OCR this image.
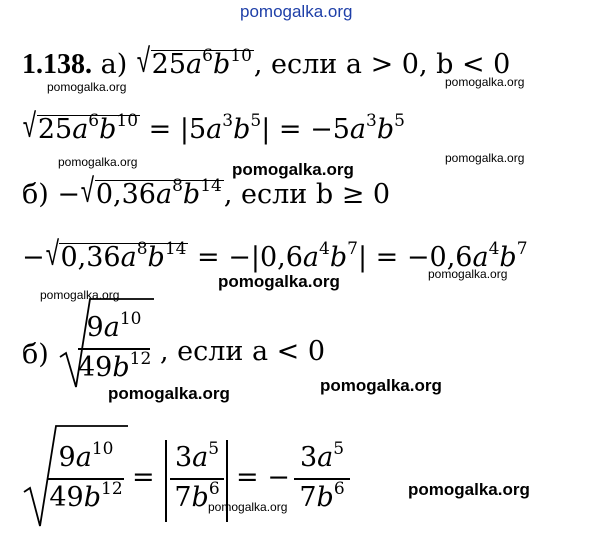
pomogalka.org
1.138. а) $√25a^6b^{10}$, если a > 0, b < 0
pomogalka.org	pomogalka.org
$√25a^6b^{10} = |5a^3b^5| = -5a^3b^5$
pomogalka.org	pomogalka.org
pomogalka.org
$б) -√0,36a^8b^{14}$, если b ≥ 0
$-√0,36a^8b^{14} = -|0,6a^4b^7| = -0,6a^4b^7$
pomogalka.org	pomogalka.org
pomogalka.org
б)
$9a^{10}$
$49b^{12}$ , если a < 0
pomogalka.org
pomogalka.org
$9a^{10}$
$49b^{12}$ =
$3a^5$
$7b^6$ = −
$3a^5$
$7b^6$	pomogalka.org
pomogalka.org
